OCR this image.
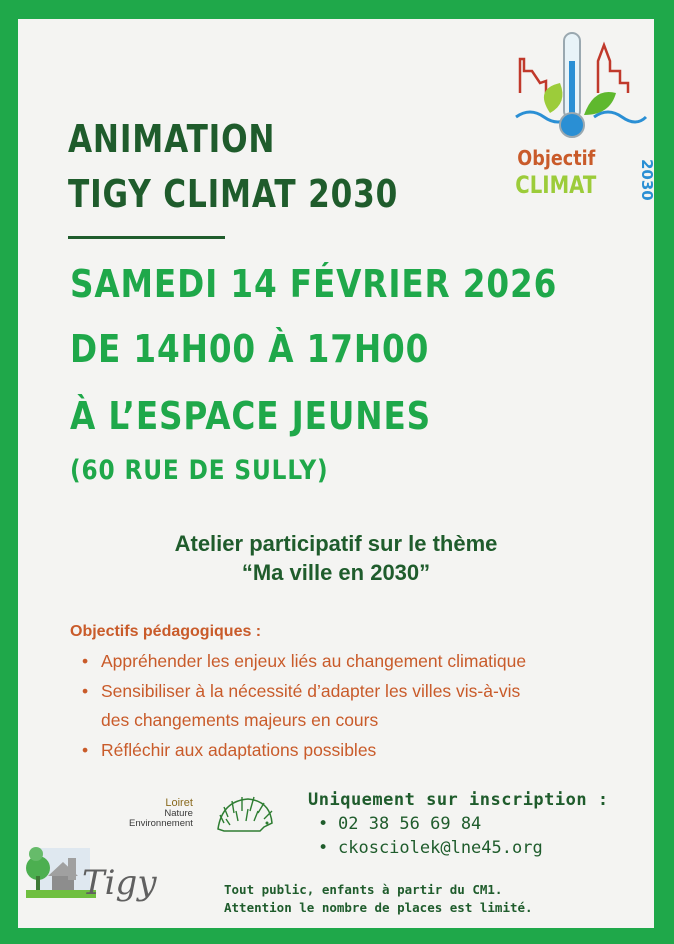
Objectif
CLIMAT	2030
ANIMATION
TIGY CLIMAT 2030
SAMEDI 14 FÉVRIER 2026
DE 14H00 À 17H00
À L’ESPACE JEUNES
(60 RUE DE SULLY)
Atelier participatif sur le thème
“Ma ville en 2030”
Objectifs pédagogiques :
• Appréhender les enjeux liés au changement climatique
• Sensibiliser à la nécessité d’adapter les villes vis-à-vis
des changements majeurs en cours
• Réfléchir aux adaptations possibles
Loiret
Nature
Environnement
Uniquement sur inscription :
• 02 38 56 69 84
• ckosciolek@lne45.org
Tigy	Tout public, enfants à partir du CM1.
Attention le nombre de places est limité.
